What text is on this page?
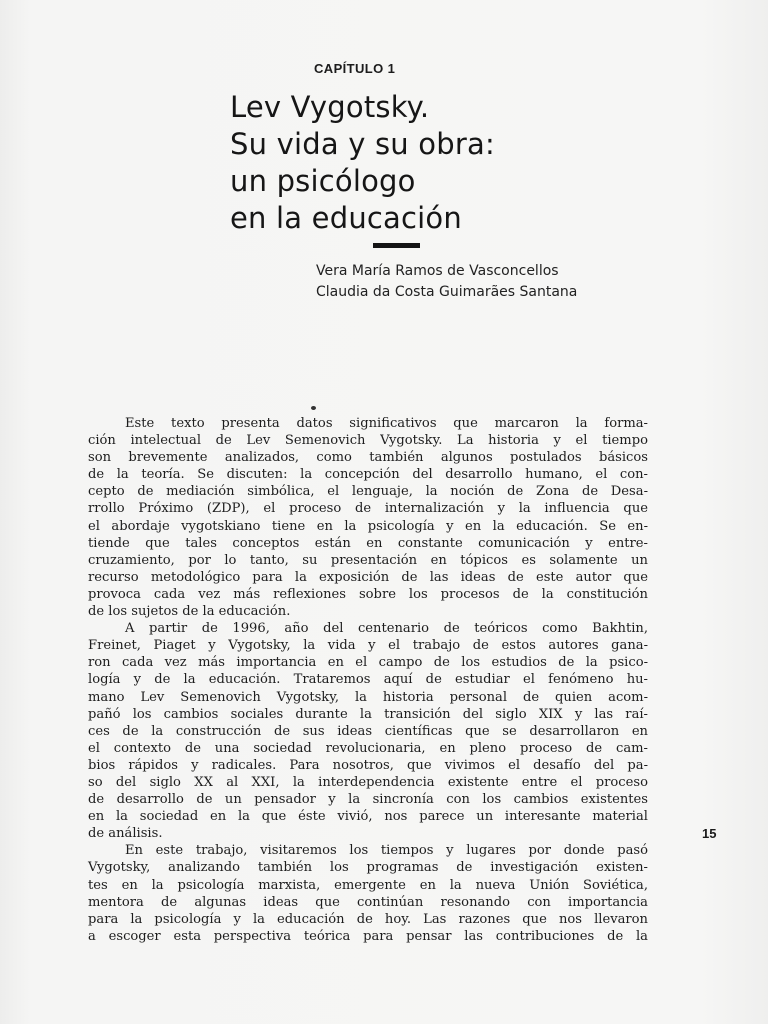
CAPÍTULO 1
Lev Vygotsky.
Su vida y su obra:
un psicólogo
en la educación
Vera María Ramos de Vasconcellos
Claudia da Costa Guimarães Santana
Este texto presenta datos significativos que marcaron la forma-
ción intelectual de Lev Semenovich Vygotsky. La historia y el tiempo
son brevemente analizados, como también algunos postulados básicos
de la teoría. Se discuten: la concepción del desarrollo humano, el con-
cepto de mediación simbólica, el lenguaje, la noción de Zona de Desa-
rrollo Próximo (ZDP), el proceso de internalización y la influencia que
el abordaje vygotskiano tiene en la psicología y en la educación. Se en-
tiende que tales conceptos están en constante comunicación y entre-
cruzamiento, por lo tanto, su presentación en tópicos es solamente un
recurso metodológico para la exposición de las ideas de este autor que
provoca cada vez más reflexiones sobre los procesos de la constitución
de los sujetos de la educación.
A partir de 1996, año del centenario de teóricos como Bakhtin,
Freinet, Piaget y Vygotsky, la vida y el trabajo de estos autores gana-
ron cada vez más importancia en el campo de los estudios de la psico-
logía y de la educación. Trataremos aquí de estudiar el fenómeno hu-
mano Lev Semenovich Vygotsky, la historia personal de quien acom-
pañó los cambios sociales durante la transición del siglo XIX y las raí-
ces de la construcción de sus ideas científicas que se desarrollaron en
el contexto de una sociedad revolucionaria, en pleno proceso de cam-
bios rápidos y radicales. Para nosotros, que vivimos el desafío del pa-
so del siglo XX al XXI, la interdependencia existente entre el proceso
de desarrollo de un pensador y la sincronía con los cambios existentes
en la sociedad en la que éste vivió, nos parece un interesante material
de análisis.
En este trabajo, visitaremos los tiempos y lugares por donde pasó
Vygotsky, analizando también los programas de investigación existen-
tes en la psicología marxista, emergente en la nueva Unión Soviética,
mentora de algunas ideas que continúan resonando con importancia
para la psicología y la educación de hoy. Las razones que nos llevaron
a escoger esta perspectiva teórica para pensar las contribuciones de la
15
